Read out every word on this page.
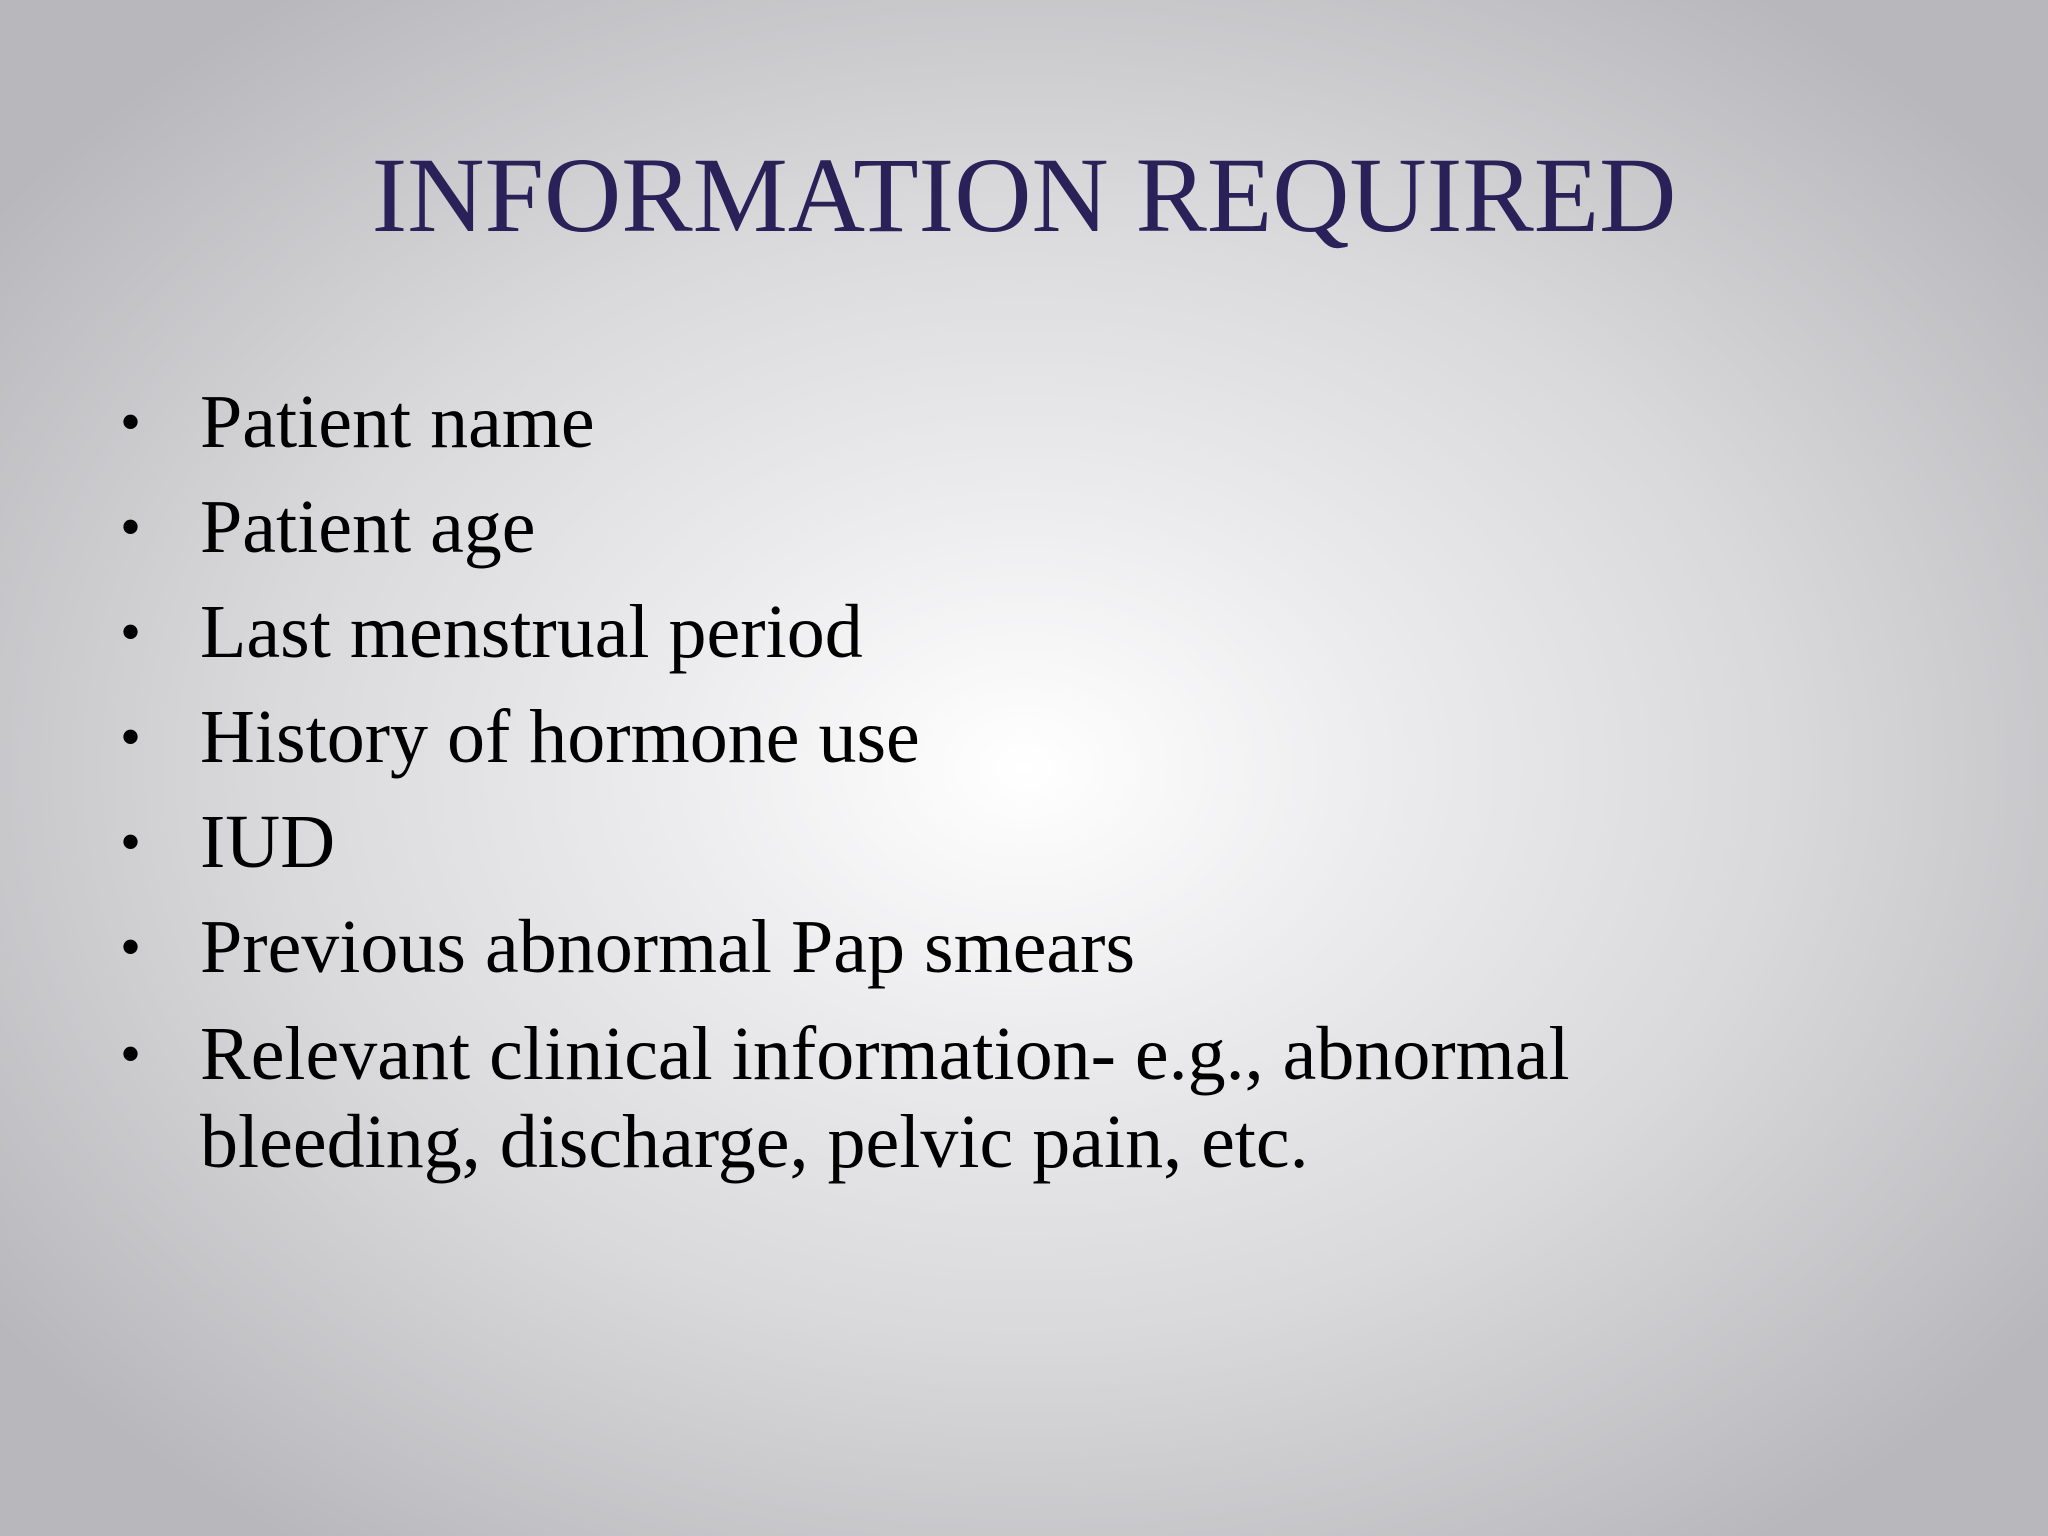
INFORMATION REQUIRED
• Patient name
• Patient age
• Last menstrual period
• History of hormone use
• IUD
• Previous abnormal Pap smears
• Relevant clinical information- e.g., abnormal bleeding, discharge, pelvic pain, etc.
